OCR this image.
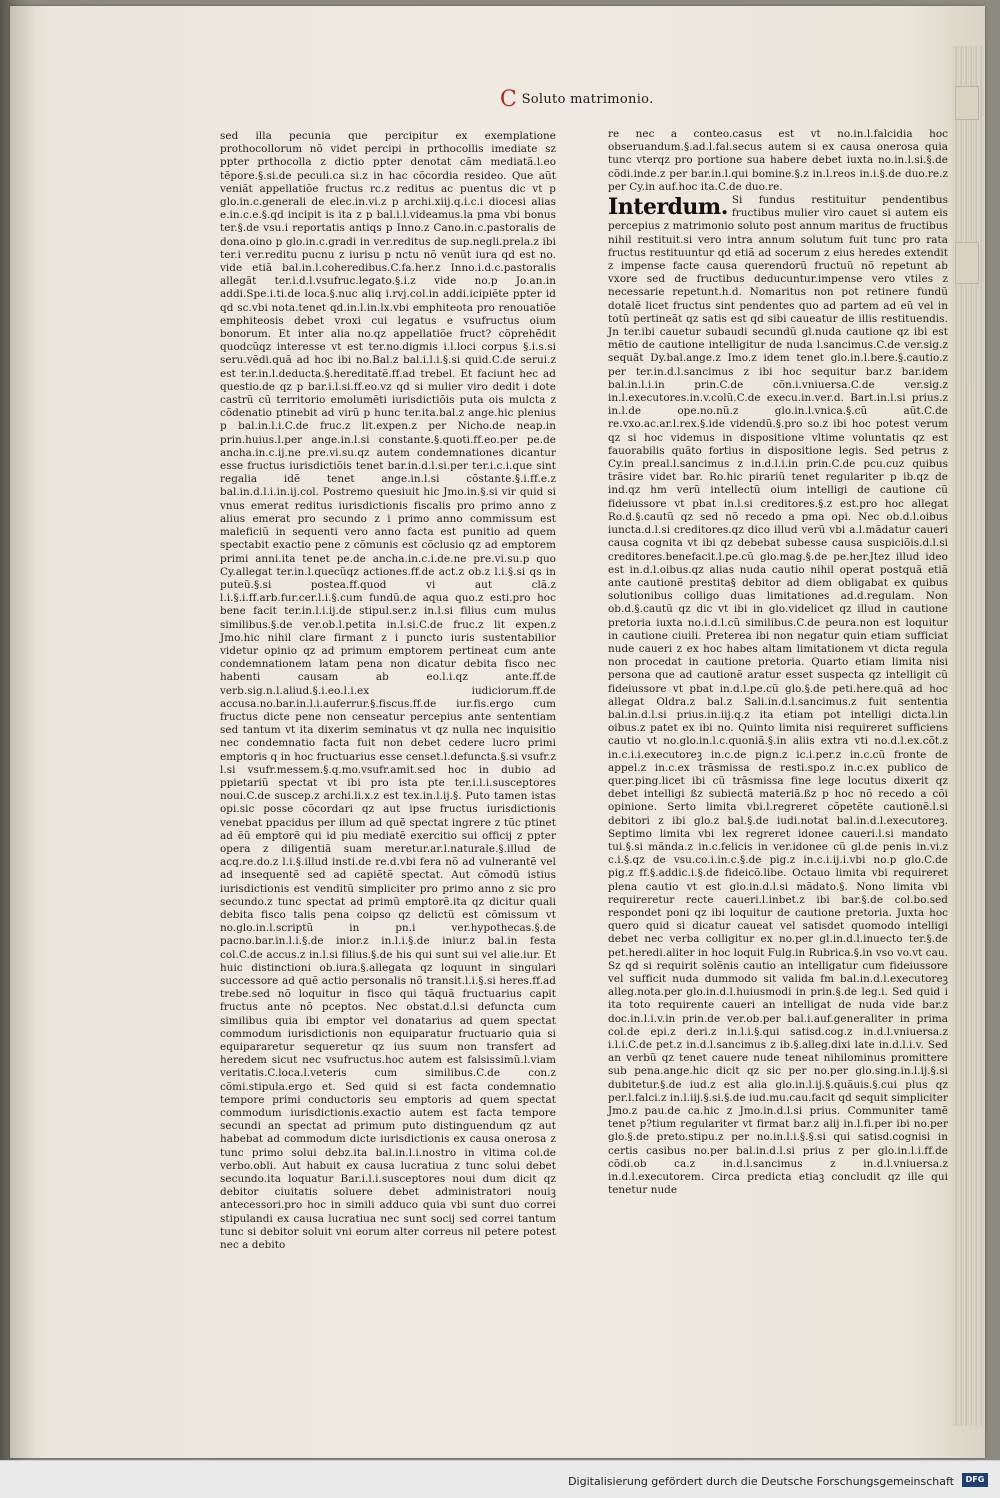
C Soluto matrimonio.

sed illa pecunia que percipitur ex exemplatione prothocollorum nõ videt percipi in prthocollis imediate sz ppter prthocolla z dictio ppter denotat cãm mediatã.l.eo tẽpore.§.si.de peculi.ca si.z in hac cõcordia resideo. Que aũt veniãt appellatiõe fructus rc.z reditus ac puentus dic vt p glo.in.c.generali de elec.in.vi.z p archi.xiij.q.i.c.i diocesi alias e.in.c.e.§.qd incipit is ita z p bal.i.l.videamus.la pma vbi bonus ter.§.de vsu.i reportatis antiqs p Inno.z Cano.in.c.pastoralis de dona.oino p glo.in.c.gradi in ver.reditus de sup.negli.prela.z ibi ter.i ver.reditu pucnu z iurisu p nctu nõ venũt iura qd est no. vide etiã bal.in.l.coheredibus.C.fa.her.z Inno.i.d.c.pastoralis allegãt ter.i.d.l.vsufruc.legato.§.i.z vide no.p Jo.an.in addi.Spe.i.ti.de loca.§.nuc aliq i.rvj.col.in addi.icipiẽte ppter id qd sc.vbi nota.tenet qd.in.l.in.lx.vbi emphiteota pro renouatiõe emphiteosis debet vroxi cui legatus e vsufructus oium bonorum. Et inter alia no.qz appellatiõe fruct? cõprehẽdit quodcũqz interesse vt est ter.no.digmis i.l.loci corpus §.i.s.si seru.vẽdi.quã ad hoc ibi no.Bal.z bal.i.l.i.§.si quid.C.de serui.z est ter.in.l.deducta.§.hereditatẽ.ff.ad trebel. Et faciunt hec ad questio.de qz p bar.i.l.si.ff.eo.vz qd si mulier viro dedit i dote castrũ cũ territorio emolumẽti iurisdictiõis puta ois mulcta z cõdenatio ptinebit ad virũ p hunc ter.ita.bal.z ange.hic plenius p bal.in.l.i.C.de fruc.z lit.expen.z per Nicho.de neap.in prin.huius.l.per ange.in.l.si constante.§.quoti.ff.eo.per pe.de ancha.in.c.ij.ne pre.vi.su.qz autem condemnationes dicantur esse fructus iurisdictiõis tenet bar.in.d.l.si.per ter.i.c.i.que sint regalia idẽ tenet ange.in.l.si cõstante.§.i.ff.e.z bal.in.d.l.i.in.ij.col. Postremo quesiuit hic Jmo.in.§.si vir quid si vnus emerat reditus iurisdictionis fiscalis pro primo anno z alius emerat pro secundo z i primo anno commissum est maleficiũ in sequenti vero anno facta est punitio ad quem spectabit exactio pene z cõmunis est cõclusio qz ad emptorem primi anni.ita tenet pe.de ancha.in.c.i.de.ne pre.vi.su.p quo Cy.allegat ter.in.l.quecũqz actiones.ff.de act.z ob.z l.i.§.si qs in puteũ.§.si postea.ff.quod vi aut clã.z l.i.§.i.ff.arb.fur.cer.l.i.§.cum fundũ.de aqua quo.z esti.pro hoc bene facit ter.in.l.i.ij.de stipul.ser.z in.l.si filius cum mulus similibus.§.de ver.ob.l.petita in.l.si.C.de fruc.z lit expen.z Jmo.hic nihil clare firmant z i puncto iuris sustentabilior videtur opinio qz ad primum emptorem pertineat cum ante condemnationem latam pena non dicatur debita fisco nec habenti causam ab eo.l.i.qz ante.ff.de verb.sig.n.l.aliud.§.i.eo.l.i.ex iudiciorum.ff.de accusa.no.bar.in.l.i.auferrur.§.fiscus.ff.de iur.fis.ergo cum fructus dicte pene non censeatur percepius ante sententiam sed tantum vt ita dixerim seminatus vt qz nulla nec inquisitio nec condemnatio facta fuit non debet cedere lucro primi emptoris q in hoc fructuarius esse censet.l.defuncta.§.si vsufr.z l.si vsufr.messem.§.q.mo.vsufr.amit.sed hoc in dubio ad ppietariũ spectat vt ibi pro ista pte ter.i.l.i.susceptores noui.C.de suscep.z archi.li.x.z est tex.in.l.ij.§. Puto tamen istas opi.sic posse cõcordari qz aut ipse fructus iurisdictionis venebat ppacidus per illum ad quẽ spectat ingrere z tũc ptinet ad ẽũ emptorẽ qui id piu mediatẽ exercitio sui officij z ppter opera z diligentiã suam meretur.ar.l.naturale.§.illud de acq.re.do.z l.i.§.illud insti.de re.d.vbi fera nõ ad vulnerantẽ vel ad insequentẽ sed ad capiẽtẽ spectat. Aut cõmodũ istius iurisdictionis est venditũ simpliciter pro primo anno z sic pro secundo.z tunc spectat ad primũ emptorẽ.ita qz dicitur quali debita fisco talis pena coipso qz delictũ est cõmissum vt no.glo.in.l.scriptũ in pn.i ver.hypothecas.§.de pacno.bar.in.l.i.§.de inior.z in.l.i.§.de iniur.z bal.in festa col.C.de accus.z in.l.si filius.§.de his qui sunt sui vel alie.iur. Et huic distinctioni ob.iura.§.allegata qz loquunt in singulari successore ad quẽ actio personalis nõ transit.l.i.§.si heres.ff.ad trebe.sed nõ loquitur in fisco qui tãquã fructuarius capit fructus ante nõ pceptos. Nec obstat.d.l.si defuncta cum similibus quia ibi emptor vel donatarius ad quem spectat commodum iurisdictionis non equiparatur fructuario quia si equipararetur sequeretur qz ius suum non transfert ad heredem sicut nec vsufructus.hoc autem est falsissimũ.l.viam veritatis.C.loca.l.veteris cum similibus.C.de con.z cõmi.stipula.ergo et. Sed quid si est facta condemnatio tempore primi conductoris seu emptoris ad quem spectat commodum iurisdictionis.exactio autem est facta tempore secundi an spectat ad primum puto distinguendum qz aut habebat ad commodum dicte iurisdictionis ex causa onerosa z tunc primo solui debz.ita bal.in.l.i.nostro in vltima col.de verbo.obli. Aut habuit ex causa lucratiua z tunc solui debet secundo.ita loquatur Bar.i.l.i.susceptores noui dum dicit qz debitor ciuitatis soluere debet administratori nouiꝫ antecessori.pro hoc in simili adduco quia vbi sunt duo correi stipulandi ex causa lucratiua nec sunt socij sed correi tantum tunc si debitor soluit vni eorum alter correus nil petere potest nec a debito

re nec a conteo.casus est vt no.in.l.falcidia hoc obseruandum.§.ad.l.fal.secus autem si ex causa onerosa quia tunc vterqz pro portione sua habere debet iuxta no.in.l.si.§.de cõdi.inde.z per bar.in.l.qui bomine.§.z in.l.reos in.i.§.de duo.re.z per Cy.in auf.hoc ita.C.de duo.re.

Interdum. Si fundus restituitur pendentibus fructibus mulier viro cauet si autem eis percepius z matrimonio soluto post annum maritus de fructibus nihil restituit.si vero intra annum solutum fuit tunc pro rata fructus restituuntur qd etiã ad socerum z eius heredes extendit z impense facte causa querendorũ fructuũ nõ repetunt ab vxore sed de fructibus deducuntur.impense vero vtiles z necessarie repetunt.h.d. Nomaritus non pot retinere fundũ dotalẽ licet fructus sint pendentes quo ad partem ad eũ vel in totũ pertineãt qz satis est qd sibi caueatur de illis restituendis. Jn ter.ibi cauetur subaudi secundũ gl.nuda cautione qz ibi est mẽtio de cautione intelligitur de nuda l.sancimus.C.de ver.sig.z sequãt Dy.bal.ange.z Imo.z idem tenet glo.in.l.bere.§.cautio.z per ter.in.d.l.sancimus z ibi hoc sequitur bar.z bar.idem bal.in.l.i.in prin.C.de cõn.i.vniuersa.C.de ver.sig.z in.l.executores.in.v.colũ.C.de execu.in.ver.d. Bart.in.l.si prius.z in.l.de ope.no.nũ.z glo.in.l.vnica.§.cũ aũt.C.de re.vxo.ac.ar.l.rex.§.ide videndũ.§.pro so.z ibi hoc potest verum qz si hoc videmus in dispositione vltime voluntatis qz est fauorabilis quãto fortius in dispositione legis. Sed petrus z Cy.in preal.l.sancimus z in.d.l.i.in prin.C.de pcu.cuz quibus trãsire videt bar. Ro.hic pirariũ tenet regulariter p ib.qz de ind.qz hm verũ intellectũ oium intelligi de cautione cũ fideiussore vt pbat in.l.si creditores.§.z est.pro hoc allegat Ro.d.§.cautũ qz sed nõ recedo a pma opi. Nec ob.d.l.oibus iuncta.d.l.si creditores.qz dico illud verũ vbi a.l.mãdatur caueri causa cognita vt ibi qz debebat subesse causa suspiciõis.d.l.si creditores.benefacit.l.pe.cũ glo.mag.§.de pe.her.Jtez illud ideo est in.d.l.oibus.qz alias nuda cautio nihil operat postquã etiã ante cautionẽ prestita§ debitor ad diem obligabat ex quibus solutionibus colligo duas limitationes ad.d.regulam. Non ob.d.§.cautũ qz dic vt ibi in glo.videlicet qz illud in cautione pretoria iuxta no.i.d.l.cũ similibus.C.de peura.non est loquitur in cautione ciuili. Preterea ibi non negatur quin etiam sufficiat nude caueri z ex hoc habes altam limitationem vt dicta regula non procedat in cautione pretoria. Quarto etiam limita nisi persona que ad cautionẽ aratur esset suspecta qz intelligit cũ fideiussore vt pbat in.d.l.pe.cũ glo.§.de peti.here.quã ad hoc allegat Oldra.z bal.z Sali.in.d.l.sancimus.z fuit sententia bal.in.d.l.si prius.in.iij.q.z ita etiam pot intelligi dicta.l.in oibus.z patet ex ibi no. Quinto limita nisi requireret sufficiens cautio vt no.glo.in.l.c.quoniã.§.in aliis extra vti no.d.l.ex.cõt.z in.c.i.i.executoreꝫ in.c.de pign.z ic.i.per.z in.c.cũ fronte de appel.z in.c.ex trãsmissa de resti.spo.z in.c.ex publico de quer.ping.licet ibi cũ trãsmissa fine lege locutus dixerit qz debet intelligi ßz subiectã materiã.ßz p hoc nõ recedo a cõi opinione. Serto limita vbi.l.regreret cõpetẽte cautionẽ.l.si debitori z ibi glo.z bal.§.de iudi.notat bal.in.d.l.executoreꝫ. Septimo limita vbi lex regreret idonee caueri.l.si mandato tui.§.si mãnda.z in.c.felicis in ver.idonee cũ gl.de penis in.vi.z c.i.§.qz de vsu.co.i.in.c.§.de pig.z in.c.i.ij.i.vbi no.p glo.C.de pig.z ff.§.addic.i.§.de fideicõ.libe. Octauo limita vbi requireret plena cautio vt est glo.in.d.l.si mãdato.§. Nono limita vbi requireretur recte caueri.l.inbet.z ibi bar.§.de col.bo.sed respondet poni qz ibi loquitur de cautione pretoria. Juxta hoc quero quid si dicatur caueat vel satisdet quomodo intelligi debet nec verba colligitur ex no.per gl.in.d.l.inuecto ter.§.de pet.heredi.aliter in hoc loquit Fulg.in Rubrica.§.in vso vo.vt cau. Sz qd si requirit solẽnis cautio an intelligatur cum fideiussore vel sufficit nuda dummodo sit valida fm bal.in.d.l.executoreꝫ alleg.nota.per glo.in.d.l.huiusmodi in prin.§.de leg.i. Sed quid i ita toto requirente caueri an intelligat de nuda vide bar.z doc.in.l.i.v.in prin.de ver.ob.per bal.i.auf.generaliter in prima col.de epi.z deri.z in.l.i.§.qui satisd.cog.z in.d.l.vniuersa.z i.l.i.C.de pet.z in.d.l.sancimus z ib.§.alleg.dixi late in.d.l.i.v. Sed an verbũ qz tenet cauere nude teneat nihilominus promittere sub pena.ange.hic dicit qz sic per no.per glo.sing.in.l.ij.§.si dubitetur.§.de iud.z est alia glo.in.l.ij.§.quãuis.§.cui plus qz per.l.falci.z in.l.iij.§.si.§.de iud.mu.cau.facit qd sequit simpliciter Jmo.z pau.de ca.hic z Jmo.in.d.l.si prius. Communiter tamẽ tenet p?tium regulariter vt firmat bar.z alij in.l.fi.per ibi no.per glo.§.de preto.stipu.z per no.in.l.i.§.§.si qui satisd.cognisi in certis casibus no.per bal.in.d.l.si prius z per glo.in.l.i.ff.de cõdi.ob ca.z in.d.l.sancimus z in.d.l.vniuersa.z in.d.l.executorem. Circa predicta etiaꝫ concludit qz ille qui tenetur nude

Digitalisierung gefördert durch die Deutsche Forschungsgemeinschaft	DFG
